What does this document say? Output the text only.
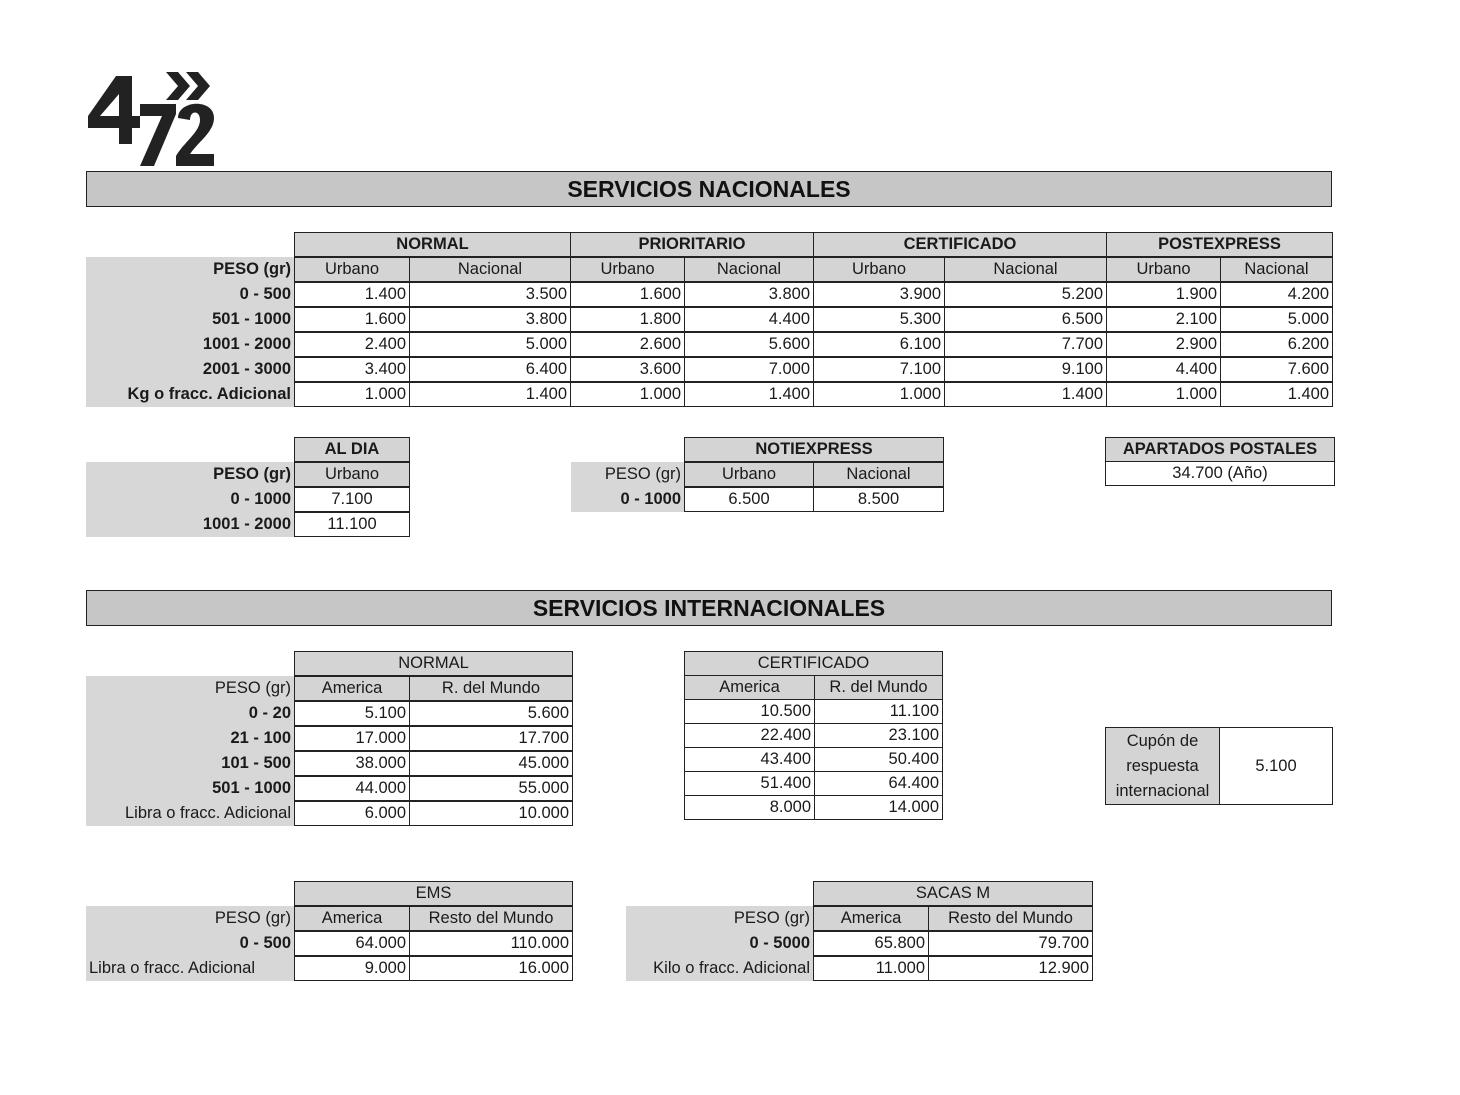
SERVICIOS NACIONALES
NORMAL	PRIORITARIO	CERTIFICADO	POSTEXPRESS
PESO (gr)	Urbano	Nacional	Urbano	Nacional	Urbano	Nacional	Urbano	Nacional
0 - 500	1.400	3.500	1.600	3.800	3.900	5.200	1.900	4.200
501 - 1000	1.600	3.800	1.800	4.400	5.300	6.500	2.100	5.000
1001 - 2000	2.400	5.000	2.600	5.600	6.100	7.700	2.900	6.200
2001 - 3000	3.400	6.400	3.600	7.000	7.100	9.100	4.400	7.600
Kg o fracc. Adicional	1.000	1.400	1.000	1.400	1.000	1.400	1.000	1.400
AL DIA
PESO (gr)	Urbano
0 - 1000	7.100
1001 - 2000	11.100
NOTIEXPRESS
PESO (gr)	Urbano	Nacional
0 - 1000	6.500	8.500
APARTADOS POSTALES
34.700 (Año)
SERVICIOS INTERNACIONALES
NORMAL
PESO (gr)	America	R. del Mundo
0 - 20	5.100	5.600
21 - 100	17.000	17.700
101 - 500	38.000	45.000
501 - 1000	44.000	55.000
Libra o fracc. Adicional	6.000	10.000
CERTIFICADO
America	R. del Mundo
10.500	11.100
22.400	23.100
43.400	50.400
51.400	64.400
8.000	14.000
Cupón de
respuesta
internacional
5.100
EMS
PESO (gr)	America	Resto del Mundo
0 - 500	64.000	110.000
Libra o fracc. Adicional	9.000	16.000
SACAS M
PESO (gr)	America	Resto del Mundo
0 - 5000	65.800	79.700
Kilo o fracc. Adicional	11.000	12.900
